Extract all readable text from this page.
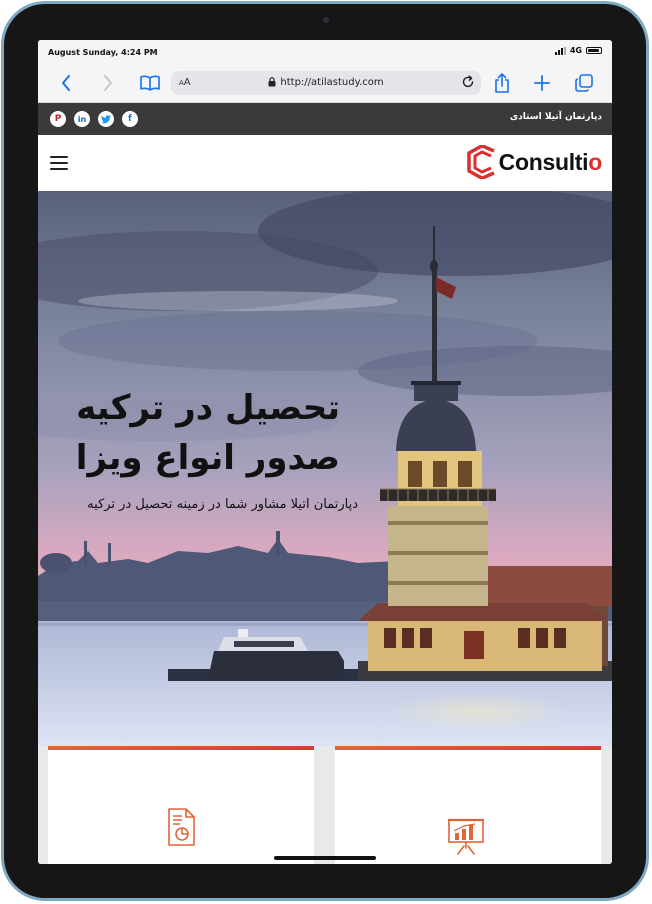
August Sunday, 4:24 PM	4G
AA	http://atilastudy.com
P	in	f	دپارتمان آتیلا استادی
Consultio
تحصیل در ترکیه
صدور انواع ویزا
دپارتمان آتیلا مشاور شما در زمینه تحصیل در ترکیه
